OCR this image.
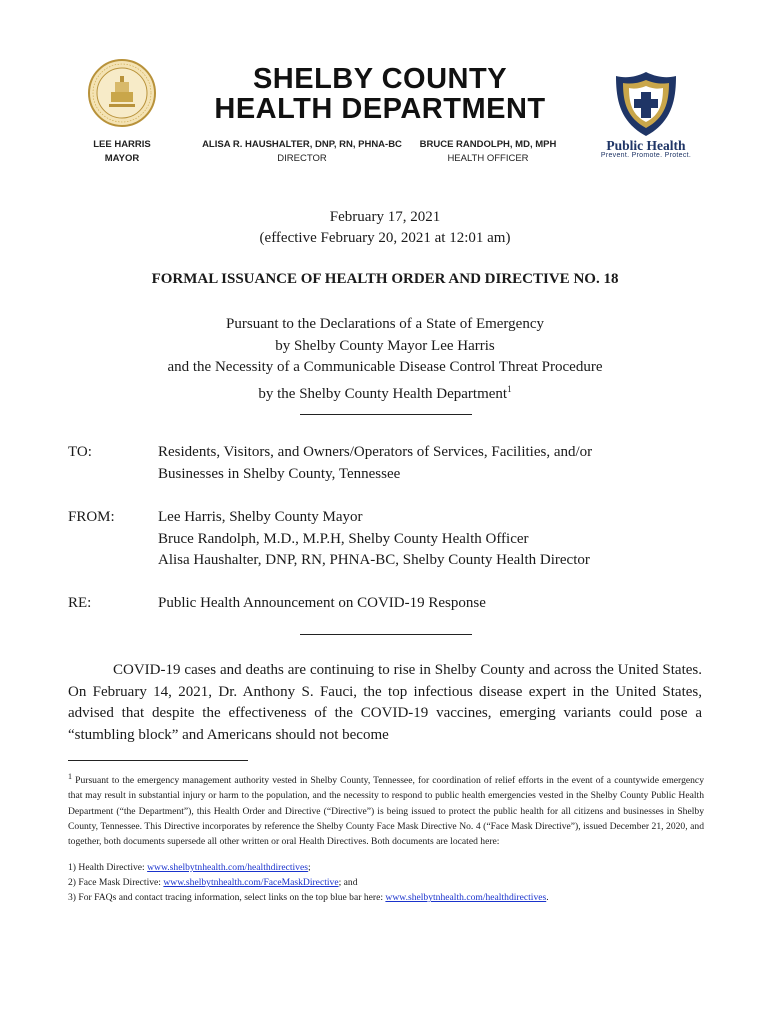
SHELBY COUNTY
HEALTH DEPARTMENT
LEE HARRIS
MAYOR
ALISA R. HAUSHALTER, DNP, RN, PHNA-BC
DIRECTOR
BRUCE RANDOLPH, MD, MPH
HEALTH OFFICER
Public Health
Prevent. Promote. Protect.
February 17, 2021
(effective February 20, 2021 at 12:01 am)
FORMAL ISSUANCE OF HEALTH ORDER AND DIRECTIVE NO. 18
Pursuant to the Declarations of a State of Emergency
by Shelby County Mayor Lee Harris
and the Necessity of a Communicable Disease Control Threat Procedure
by the Shelby County Health Department$^1$
TO:	Residents, Visitors, and Owners/Operators of Services, Facilities, and/or
Businesses in Shelby County, Tennessee
FROM:	Lee Harris, Shelby County Mayor
Bruce Randolph, M.D., M.P.H, Shelby County Health Officer
Alisa Haushalter, DNP, RN, PHNA-BC, Shelby County Health Director
RE:	Public Health Announcement on COVID-19 Response
COVID-19 cases and deaths are continuing to rise in Shelby County and across the United States. On February 14, 2021, Dr. Anthony S. Fauci, the top infectious disease expert in the United States, advised that despite the effectiveness of the COVID-19 vaccines, emerging variants could pose a “stumbling block” and Americans should not become
$^1$ Pursuant to the emergency management authority vested in Shelby County, Tennessee, for coordination of relief efforts in the event of a countywide emergency that may result in substantial injury or harm to the population, and the necessity to respond to public health emergencies vested in the Shelby County Public Health Department (“the Department”), this Health Order and Directive (“Directive”) is being issued to protect the public health for all citizens and businesses in Shelby County, Tennessee. This Directive incorporates by reference the Shelby County Face Mask Directive No. 4 (“Face Mask Directive”), issued December 21, 2020, and together, both documents supersede all other written or oral Health Directives. Both documents are located here:
1) Health Directive: www.shelbytnhealth.com/healthdirectives;
2) Face Mask Directive: www.shelbytnhealth.com/FaceMaskDirective; and
3) For FAQs and contact tracing information, select links on the top blue bar here: www.shelbytnhealth.com/healthdirectives.
